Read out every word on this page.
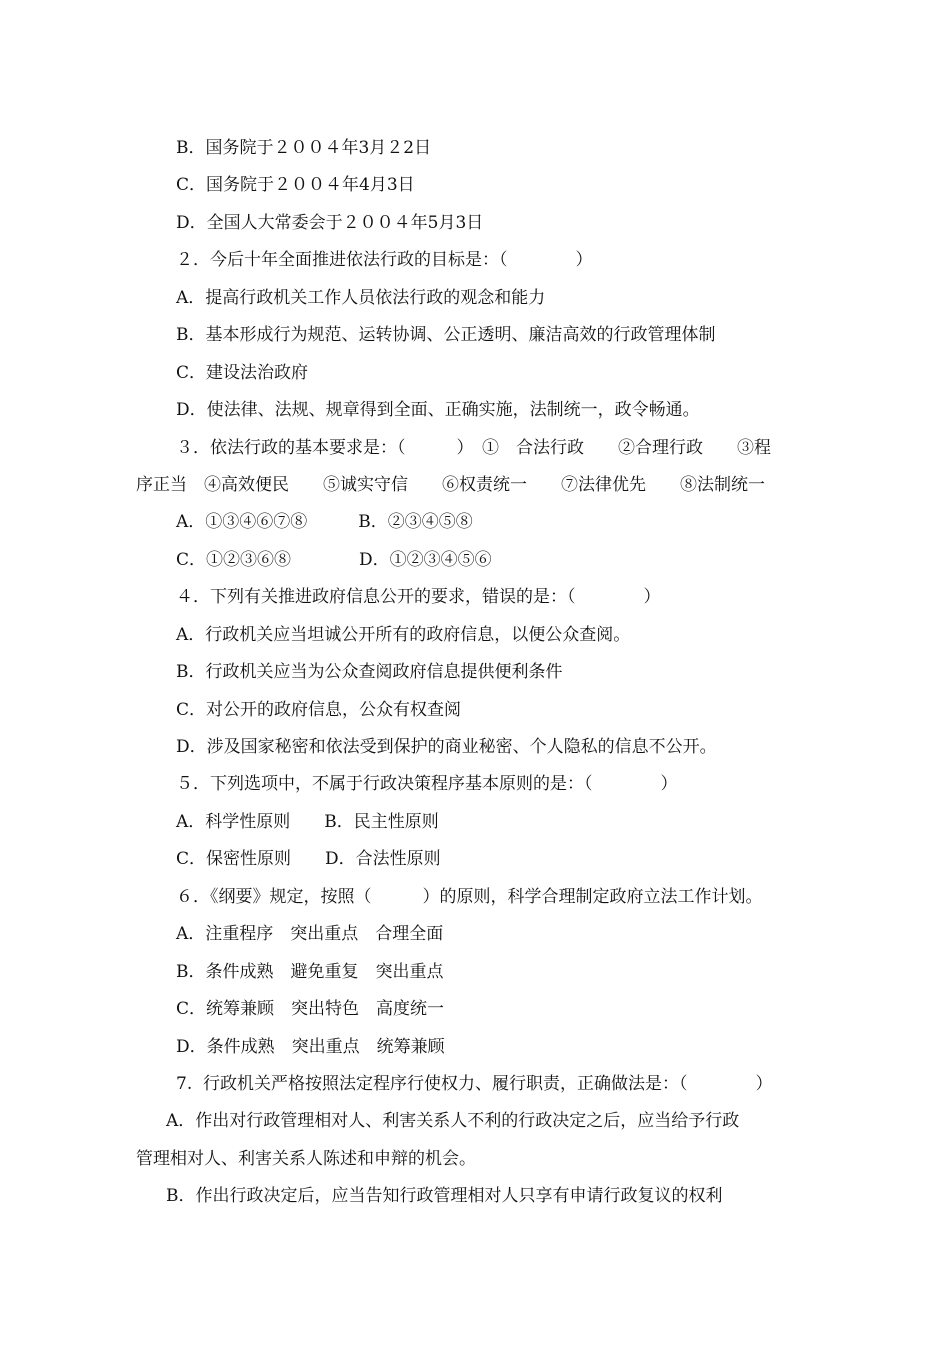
B．国务院于２００４年3月２2日
C．国务院于２００４年4月3日
D．全国人大常委会于２００４年5月3日
２．今后十年全面推进依法行政的目标是：（　　　　）
A．提高行政机关工作人员依法行政的观念和能力
B．基本形成行为规范、运转协调、公正透明、廉洁高效的行政管理体制
C．建设法治政府
D．使法律、法规、规章得到全面、正确实施，法制统一，政令畅通。
３．依法行政的基本要求是：（　　　）　①　合法行政　　②合理行政　　③程
序正当　④高效便民　　⑤诚实守信　　⑥权责统一　　⑦法律优先　　⑧法制统一
A．①③④⑥⑦⑧　　　B．②③④⑤⑧
C．①②③⑥⑧　　　　D．①②③④⑤⑥
４．下列有关推进政府信息公开的要求，错误的是：（　　　　）
A．行政机关应当坦诚公开所有的政府信息，以便公众查阅。
B．行政机关应当为公众查阅政府信息提供便利条件
C．对公开的政府信息，公众有权查阅
D．涉及国家秘密和依法受到保护的商业秘密、个人隐私的信息不公开。
５．下列选项中，不属于行政决策程序基本原则的是：（　　　　）
A．科学性原则　　B．民主性原则
C．保密性原则　　D．合法性原则
６．《纲要》规定，按照（　　　）的原则，科学合理制定政府立法工作计划。
A．注重程序　突出重点　合理全面
B．条件成熟　避免重复　突出重点
C．统筹兼顾　突出特色　高度统一
D．条件成熟　突出重点　统筹兼顾
7.  行政机关严格按照法定程序行使权力、履行职责，正确做法是：（　　　　）
A．作出对行政管理相对人、利害关系人不利的行政决定之后，应当给予行政
管理相对人、利害关系人陈述和申辩的机会。
B．作出行政决定后，应当告知行政管理相对人只享有申请行政复议的权利
